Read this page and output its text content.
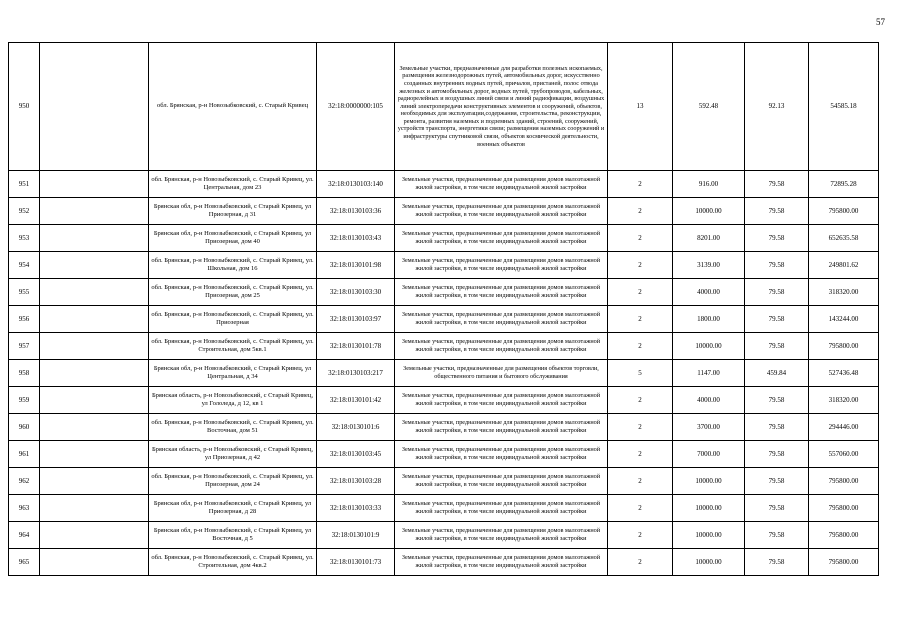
57
950		обл. Брянская, р-н Новозыбковский, с. Старый Кривец	32:18:0000000:105	Земельные участки, предназначенные для разработки полезных ископаемых, размещения железнодорожных путей, автомобильных дорог, искусственно созданных внутренних водных путей, причалов, пристаней, полос отвода железных и автомобильных дорог, водных путей, трубопроводов, кабельных, радиорелейных и воздушных линий связи и линий радиофикации, воздушных линий электропередачи конструктивных элементов и сооружений, объектов, необходимых для эксплуатации,содержания, строительства, реконструкции, ремонта, развития наземных и подземных зданий, строений, сооружений, устройств транспорта, энергетики связи; размещения наземных сооружений и инфраструктуры спутниковой связи, объектов космической деятельности, военных объектов	13	592.48	92.13	54585.18
951		обл. Брянская, р-н Новозыбковский, с. Старый Кривец, ул. Центральная, дом 23	32:18:0130103:140	Земельные участки, предназначенные для размещения домов малоэтажной жилой застройки, в том числе индивидуальной жилой застройки	2	916.00	79.58	72895.28
952		Брянская обл, р-н Новозыбковский, с Старый Кривец, ул Приозерная, д 31	32:18:0130103:36	Земельные участки, предназначенные для размещения домов малоэтажной жилой застройки, в том числе индивидуальной жилой застройки	2	10000.00	79.58	795800.00
953		Брянская обл, р-н Новозыбковский, с Старый Кривец, ул Приозерная, дом 40	32:18:0130103:43	Земельные участки, предназначенные для размещения домов малоэтажной жилой застройки, в том числе индивидуальной жилой застройки	2	8201.00	79.58	652635.58
954		обл. Брянская, р-н Новозыбковский, с. Старый Кривец, ул. Школьная, дом 16	32:18:0130101:98	Земельные участки, предназначенные для размещения домов малоэтажной жилой застройки, в том числе индивидуальной жилой застройки	2	3139.00	79.58	249801.62
955		обл. Брянская, р-н Новозыбковский, с. Старый Кривец, ул. Приозерная, дом 25	32:18:0130103:30	Земельные участки, предназначенные для размещения домов малоэтажной жилой застройки, в том числе индивидуальной жилой застройки	2	4000.00	79.58	318320.00
956		обл. Брянская, р-н Новозыбковский, с. Старый Кривец, ул. Приозерная	32:18:0130103:97	Земельные участки, предназначенные для размещения домов малоэтажной жилой застройки, в том числе индивидуальной жилой застройки	2	1800.00	79.58	143244.00
957		обл. Брянская, р-н Новозыбковский, с. Старый Кривец, ул. Строительная, дом 5кв.1	32:18:0130101:78	Земельные участки, предназначенные для размещения домов малоэтажной жилой застройки, в том числе индивидуальной жилой застройки	2	10000.00	79.58	795800.00
958		Брянская обл, р-н Новозыбковский, с Старый Кривец, ул Центральная, д 34	32:18:0130103:217	Земельные участки, предназначенные для размещения объектов торговли, общественного питания и бытового обслуживания	5	1147.00	459.84	527436.48
959		Брянская область, р-н Новозыбковский, с Старый Кривец, ул Гололеда, д 12, кв 1	32:18:0130101:42	Земельные участки, предназначенные для размещения домов малоэтажной жилой застройки, в том числе индивидуальной жилой застройки	2	4000.00	79.58	318320.00
960		обл. Брянская, р-н Новозыбковский, с. Старый Кривец, ул. Восточная, дом 51	32:18:0130101:6	Земельные участки, предназначенные для размещения домов малоэтажной жилой застройки, в том числе индивидуальной жилой застройки	2	3700.00	79.58	294446.00
961		Брянская область, р-н Новозыбковский, с Старый Кривец, ул Приозерная, д 42	32:18:0130103:45	Земельные участки, предназначенные для размещения домов малоэтажной жилой застройки, в том числе индивидуальной жилой застройки	2	7000.00	79.58	557060.00
962		обл. Брянская, р-н Новозыбковский, с. Старый Кривец, ул. Приозерная, дом 24	32:18:0130103:28	Земельные участки, предназначенные для размещения домов малоэтажной жилой застройки, в том числе индивидуальной жилой застройки	2	10000.00	79.58	795800.00
963		Брянская обл, р-н Новозыбковский, с Старый Кривец, ул Приозерная, д 28	32:18:0130103:33	Земельные участки, предназначенные для размещения домов малоэтажной жилой застройки, в том числе индивидуальной жилой застройки	2	10000.00	79.58	795800.00
964		Брянская обл, р-н Новозыбковский, с Старый Кривец, ул Восточная, д 5	32:18:0130101:9	Земельные участки, предназначенные для размещения домов малоэтажной жилой застройки, в том числе индивидуальной жилой застройки	2	10000.00	79.58	795800.00
965		обл. Брянская, р-н Новозыбковский, с. Старый Кривец, ул. Строительная, дом 4кв.2	32:18:0130101:73	Земельные участки, предназначенные для размещения домов малоэтажной жилой застройки, в том числе индивидуальной жилой застройки	2	10000.00	79.58	795800.00
